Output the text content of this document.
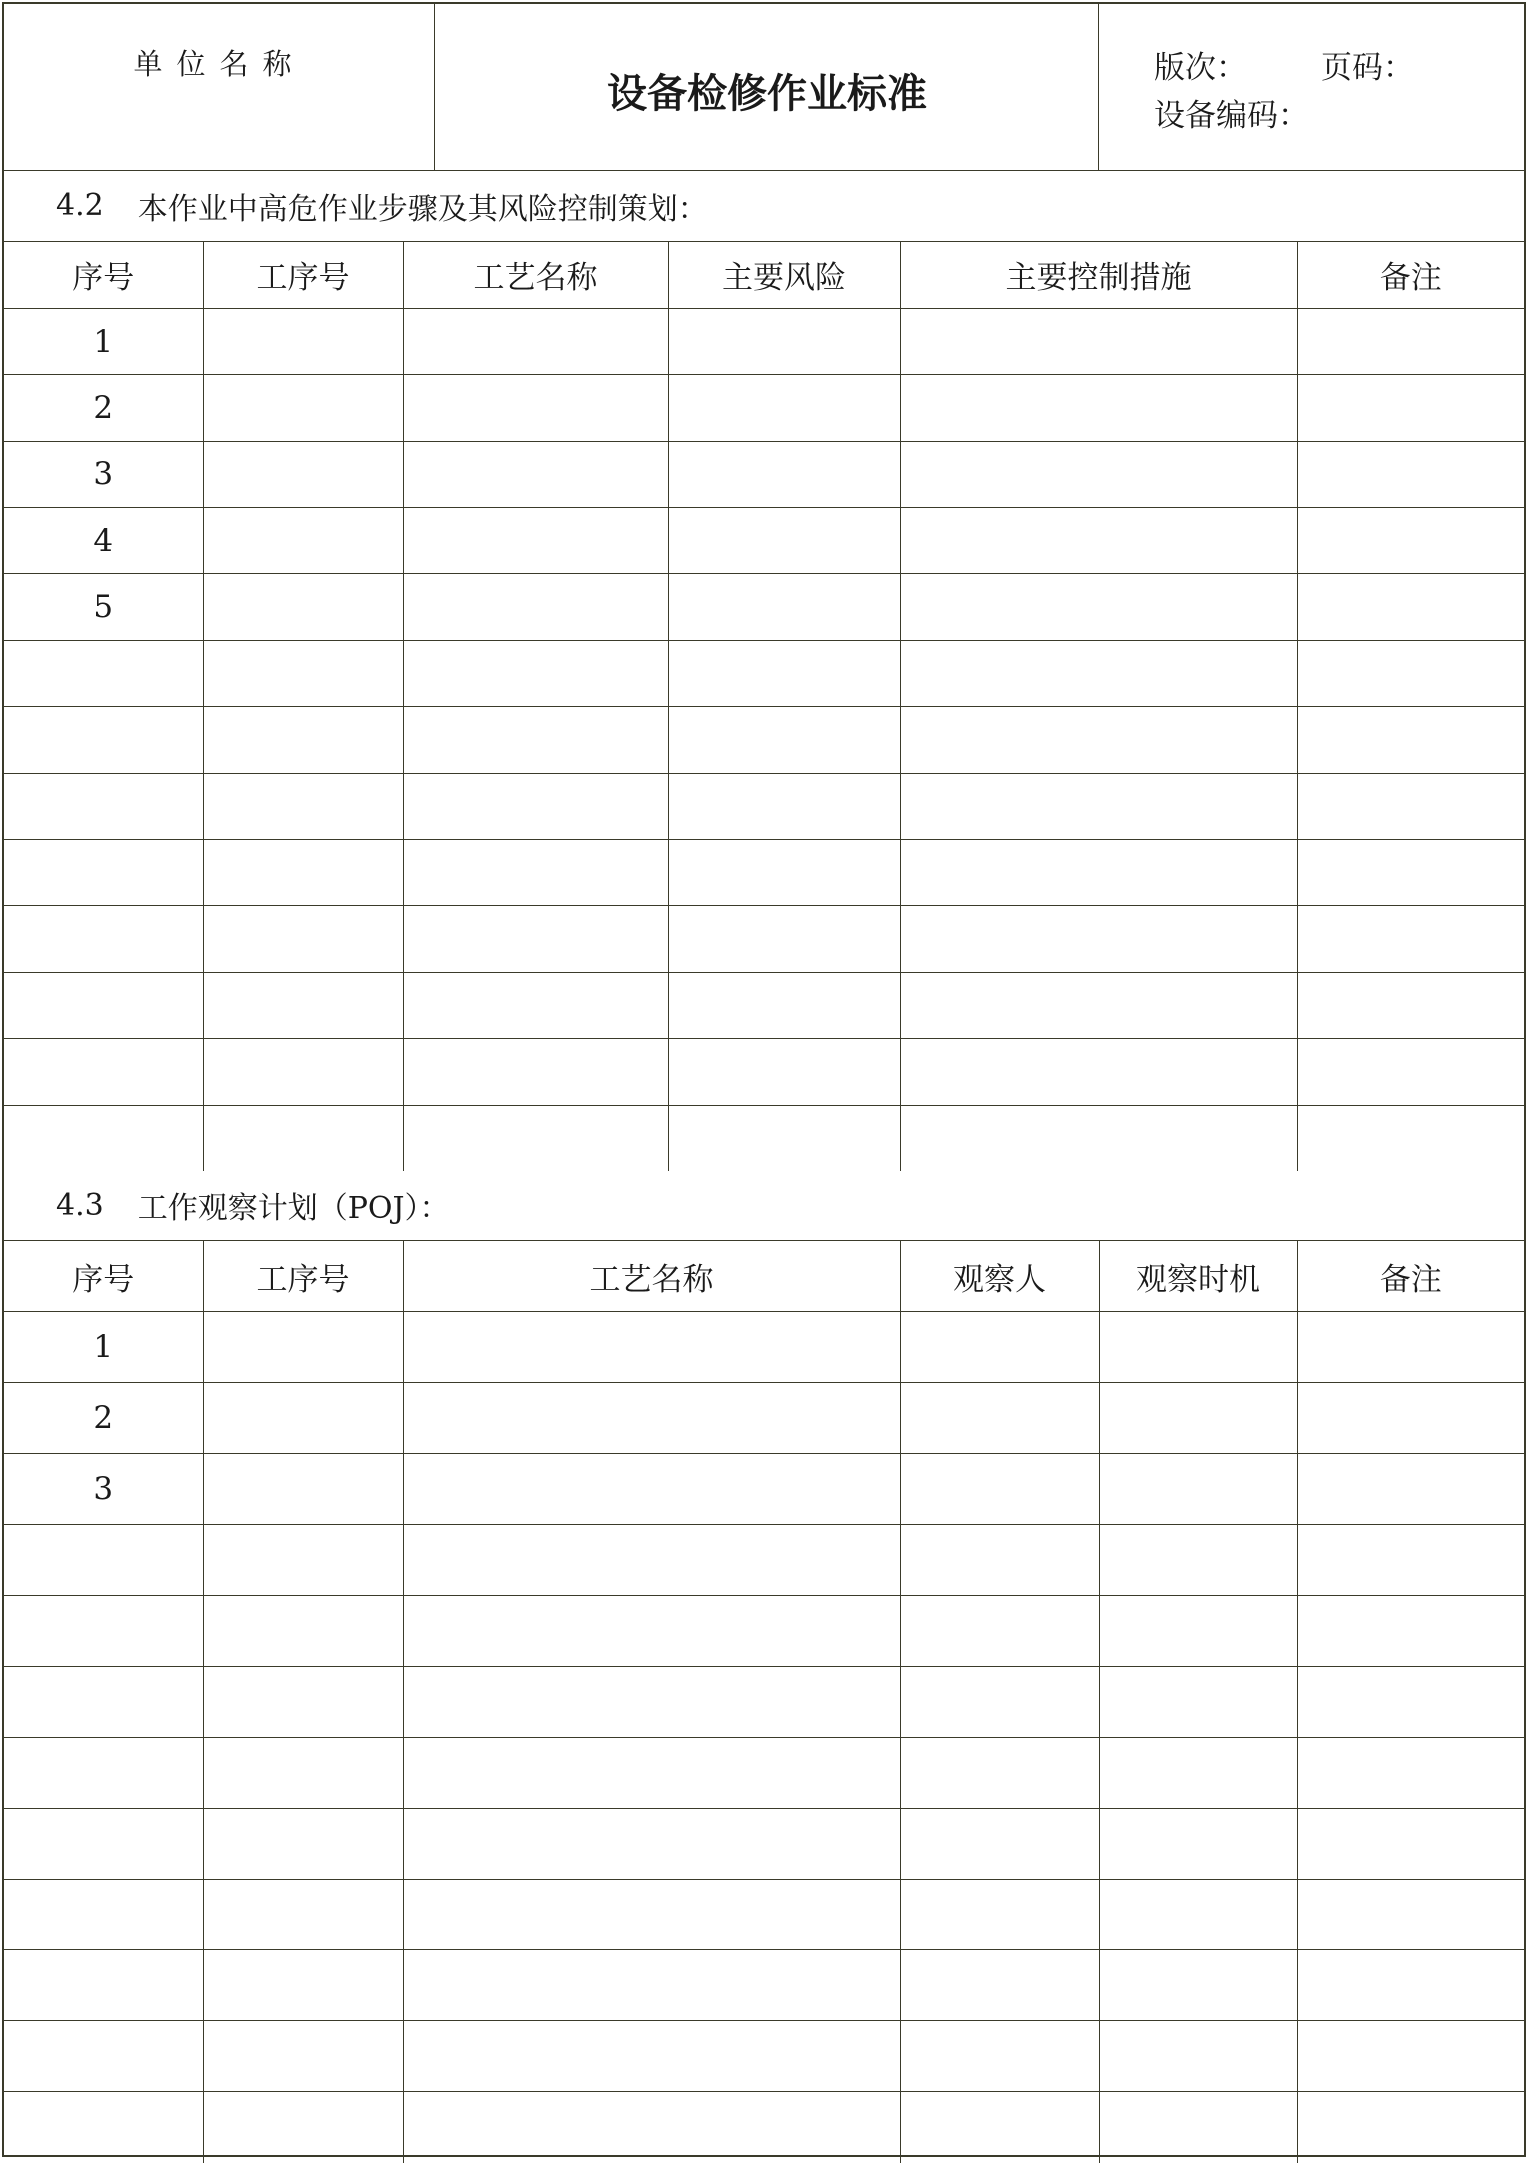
单位名称
设备检修作业标准
版次： 页码：
设备编码：
4.2 本作业中高危作业步骤及其风险控制策划：
序号	工序号	工艺名称	主要风险	主要控制措施	备注
1					
2					
3					
4					
5					

4.3 工作观察计划（POJ）：
序号	工序号	工艺名称	观察人	观察时机	备注
1					
2					
3					
